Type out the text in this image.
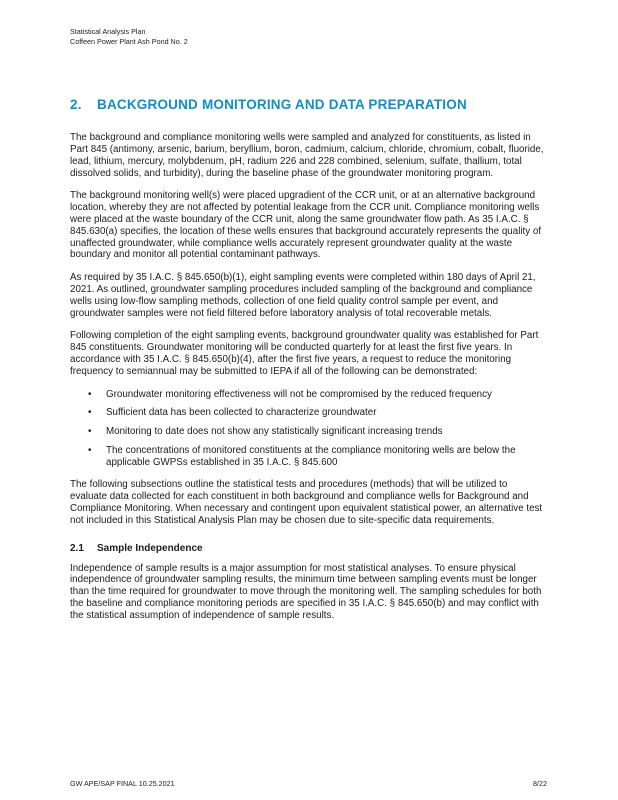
Statistical Analysis Plan
Coffeen Power Plant Ash Pond No. 2
2.	BACKGROUND MONITORING AND DATA PREPARATION

The background and compliance monitoring wells were sampled and analyzed for constituents, as listed in Part 845 (antimony, arsenic, barium, beryllium, boron, cadmium, calcium, chloride, chromium, cobalt, fluoride, lead, lithium, mercury, molybdenum, pH, radium 226 and 228 combined, selenium, sulfate, thallium, total dissolved solids, and turbidity), during the baseline phase of the groundwater monitoring program.

The background monitoring well(s) were placed upgradient of the CCR unit, or at an alternative background location, whereby they are not affected by potential leakage from the CCR unit. Compliance monitoring wells were placed at the waste boundary of the CCR unit, along the same groundwater flow path. As 35 I.A.C. § 845.630(a) specifies, the location of these wells ensures that background accurately represents the quality of unaffected groundwater, while compliance wells accurately represent groundwater quality at the waste boundary and monitor all potential contaminant pathways.

As required by 35 I.A.C. § 845.650(b)(1), eight sampling events were completed within 180 days of April 21, 2021. As outlined, groundwater sampling procedures included sampling of the background and compliance wells using low-flow sampling methods, collection of one field quality control sample per event, and groundwater samples were not field filtered before laboratory analysis of total recoverable metals.

Following completion of the eight sampling events, background groundwater quality was established for Part 845 constituents. Groundwater monitoring will be conducted quarterly for at least the first five years. In accordance with 35 I.A.C. § 845.650(b)(4), after the first five years, a request to reduce the monitoring frequency to semiannual may be submitted to IEPA if all of the following can be demonstrated:

• Groundwater monitoring effectiveness will not be compromised by the reduced frequency
• Sufficient data has been collected to characterize groundwater
• Monitoring to date does not show any statistically significant increasing trends
• The concentrations of monitored constituents at the compliance monitoring wells are below the applicable GWPSs established in 35 I.A.C. § 845.600

The following subsections outline the statistical tests and procedures (methods) that will be utilized to evaluate data collected for each constituent in both background and compliance wells for Background and Compliance Monitoring. When necessary and contingent upon equivalent statistical power, an alternative test not included in this Statistical Analysis Plan may be chosen due to site-specific data requirements.

2.1	Sample Independence

Independence of sample results is a major assumption for most statistical analyses. To ensure physical independence of groundwater sampling results, the minimum time between sampling events must be longer than the time required for groundwater to move through the monitoring well. The sampling schedules for both the baseline and compliance monitoring periods are specified in 35 I.A.C. § 845.650(b) and may conflict with the statistical assumption of independence of sample results.

GW APE/SAP FINAL 10.25.2021	8/22
